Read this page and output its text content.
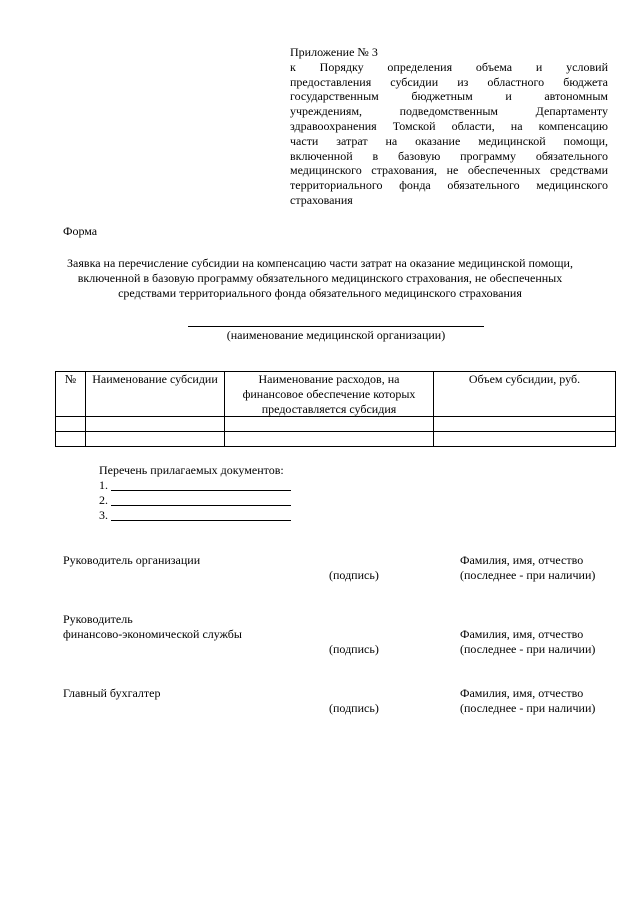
Приложение № 3
к Порядку определения объема и условий
предоставления субсидии из областного бюджета
государственным бюджетным и автономным
учреждениям, подведомственным Департаменту
здравоохранения Томской области, на компенсацию
части затрат на оказание медицинской помощи,
включенной в базовую программу обязательного
медицинского страхования, не обеспеченных средствами
территориального фонда обязательного медицинского
страхования
Форма
Заявка на перечисление субсидии на компенсацию части затрат на оказание медицинской помощи,
включенной в базовую программу обязательного медицинского страхования, не обеспеченных
средствами территориального фонда обязательного медицинского страхования
(наименование медицинской организации)
№	Наименование субсидии	Наименование расходов, на финансовое обеспечение которых предоставляется субсидия	Объем субсидии, руб.

Перечень прилагаемых документов:
1.
2.
3.
Руководитель организации
(подпись)
Фамилия, имя, отчество
(последнее - при наличии)
Руководитель
финансово-экономической службы
(подпись)
Фамилия, имя, отчество
(последнее - при наличии)
Главный бухгалтер
(подпись)
Фамилия, имя, отчество
(последнее - при наличии)
